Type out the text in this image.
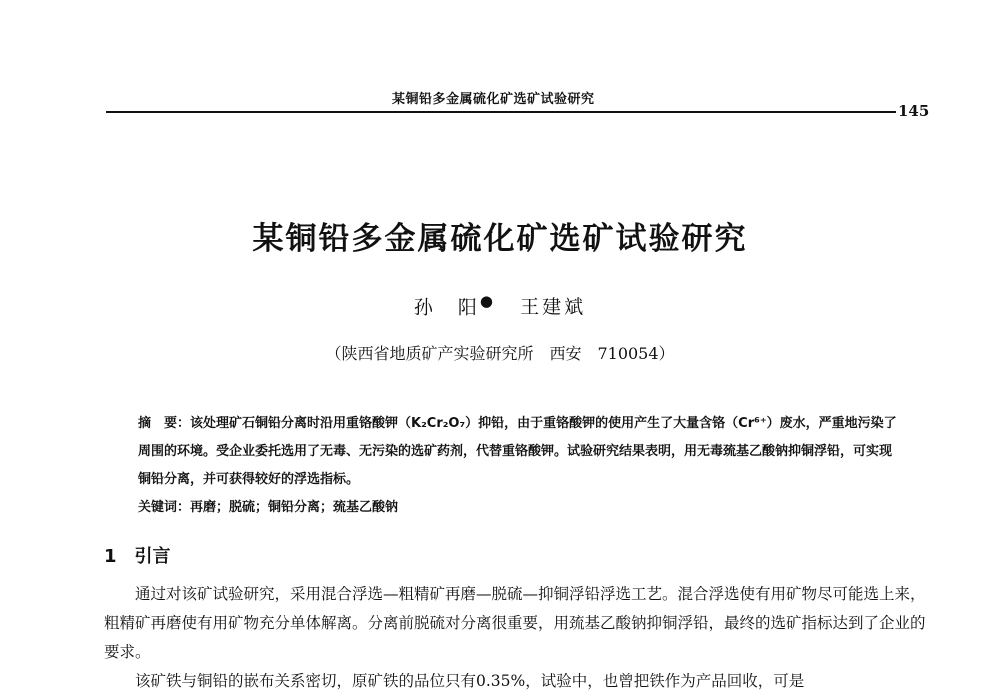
某铜铅多金属硫化矿选矿试验研究
145
某铜铅多金属硫化矿选矿试验研究
孙　阳● 王建斌
（陕西省地质矿产实验研究所　西安　710054）

摘　要：该处理矿石铜铅分离时沿用重铬酸钾（K₂Cr₂O₇）抑铅，由于重铬酸钾的使用产生了大量含铬（Cr⁶⁺）废水，严重地污染了周围的环境。受企业委托选用了无毒、无污染的选矿药剂，代替重铬酸钾。试验研究结果表明，用无毒巯基乙酸钠抑铜浮铅，可实现铜铅分离，并可获得较好的浮选指标。

关键词：再磨；脱硫；铜铅分离；巯基乙酸钠

1 引言

通过对该矿试验研究，采用混合浮选—粗精矿再磨—脱硫—抑铜浮铅浮选工艺。混合浮选使有用矿物尽可能选上来，粗精矿再磨使有用矿物充分单体解离。分离前脱硫对分离很重要，用巯基乙酸钠抑铜浮铅，最终的选矿指标达到了企业的要求。

该矿铁与铜铅的嵌布关系密切，原矿铁的品位只有0.35%，试验中，也曾把铁作为产品回收，可是
